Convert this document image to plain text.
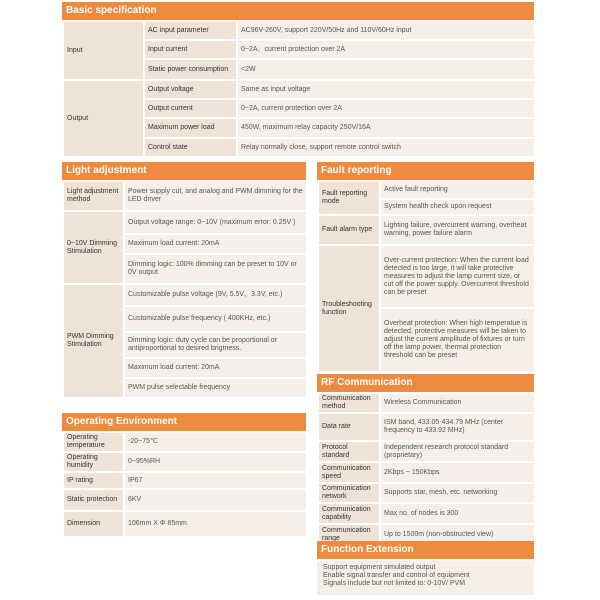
Basic specification
Input	AC input parameter	AC96V-260V, support 220V/50Hz and 110V/60Hz input
	Input current	0~2A、current protection over 2A
	Static power consumption	<2W
Output	Output voltage	Same as input voltage
	Output current	0~2A, current protection over 2A
	Maximum power load	450W, maximum relay capacity 250V/16A
	Control state	Relay normally close, support remote control switch
Light adjustment
Light adjustment method	Power supply cut, and analog and PWM dimming for the LED driver
0~10V Dimming Stimulation	Output voltage range: 0~10V (maximum error: 0.25V )
	Maximum load current: 20mA
	Dimming logic: 100% dimming can be preset to 10V or 0V output
PWM Dimming Stimulation	Customizable pulse voltage (9V, 5.5V、3.3V, etc.)
	Customizable pulse frequency ( 400KHz, etc.)
	Dimming logic: duty cycle can be proportional or antiproportional to desired brigtness.
	Maximum load current: 20mA
	PWM pulse selectable frequency
Operating Environment
Operating temperature	-20~75℃
Operating humidity	0~95%RH
IP rating	IP67
Static protection	6KV
Dimension	106mm X Φ 85mm
Fault reporting
Fault reporting mode	Active fault reporting
	System health check upon request
Fault alarm type	Lighting failure, overcurrent warning, overheat warning, power failure alarm
Troubleshooting function	Over-current protection: When the current load detected is too large, it will take protective measures to adjust the lamp current size, or cut off the power supply. Overcurrent threshold can be preset
	Overheat protection: When high temperatue is detected, protective measures will be taken to adjust the current amplitude of fixtures or turn off the lamp power, thermal protection threshold can be preset
RF Communication
Communication method	Wireless Communication
Data rate	ISM band, 433.05-434.79 MHz (center frequency to 433.92 MHz)
Protocol standard	Independent research protocol standard (proprietary)
Communication speed	2Kbps ~ 150Kbps
Communication network	Supports star, mesh, etc. networking
Communication capability	Max no. of nodes is 300
Communication range	Up to 1500m (non-obstructed view)
Function Extension
Support equipment simulated output
Enable signal transfer and control of equipment
Signals include but not limited to: 0-10V/ PVM
